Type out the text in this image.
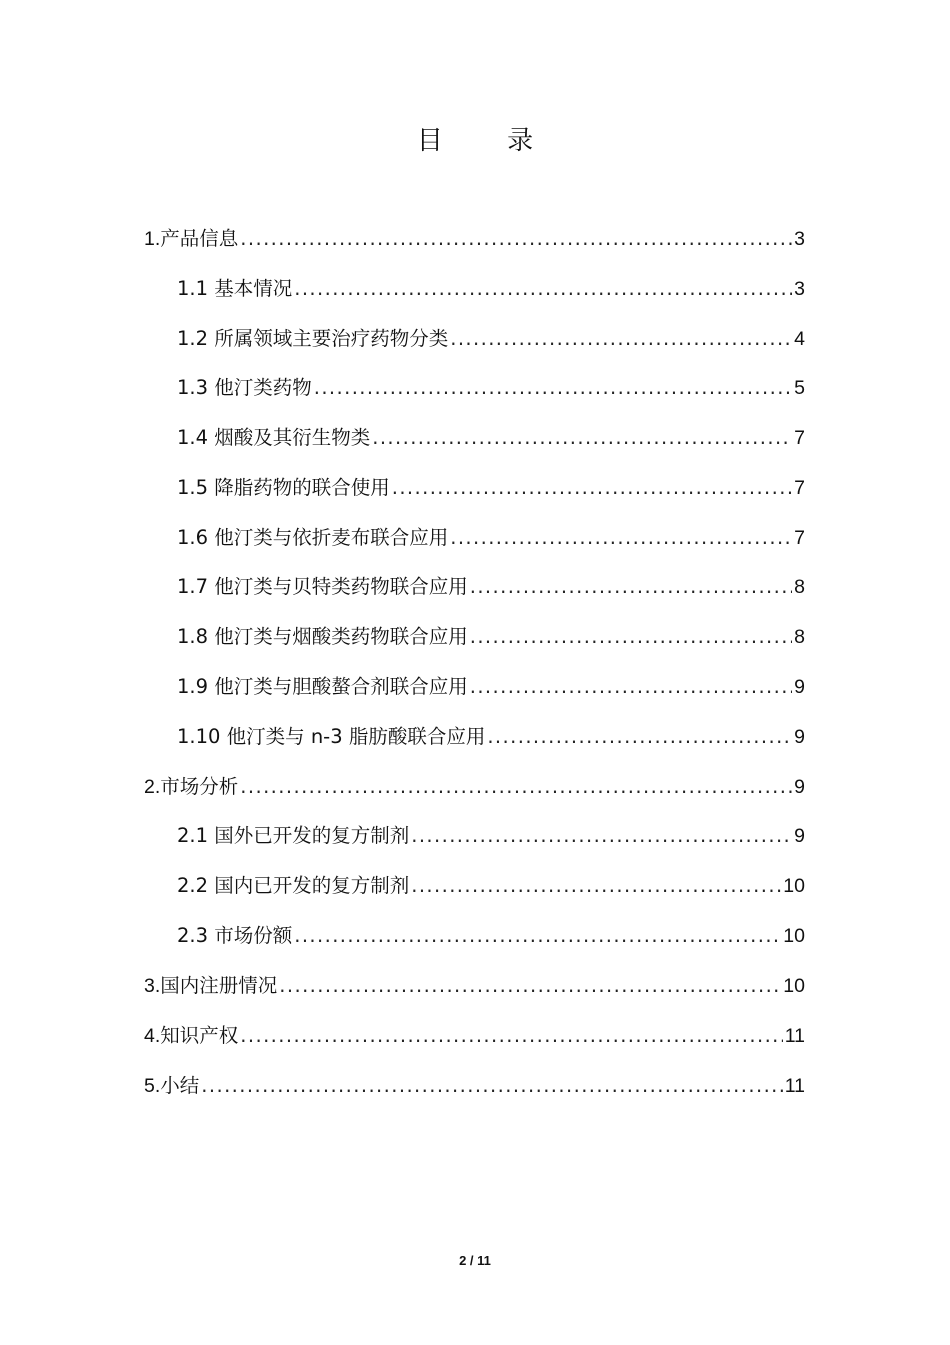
目 录
1. 产品信息 .....	3
1.1 基本情况 .....	3
1.2 所属领域主要治疗药物分类 .....	4
1.3 他汀类药物 .....	5
1.4 烟酸及其衍生物类 .....	7
1.5 降脂药物的联合使用 .....	7
1.6 他汀类与依折麦布联合应用 .....	7
1.7 他汀类与贝特类药物联合应用 .....	8
1.8 他汀类与烟酸类药物联合应用 .....	8
1.9 他汀类与胆酸螯合剂联合应用 .....	9
1.10 他汀类与 n-3 脂肪酸联合应用 .....	9
2. 市场分析 .....	9
2.1 国外已开发的复方制剂 .....	9
2.2 国内已开发的复方制剂 .....	10
2.3 市场份额 .....	10
3. 国内注册情况 .....	10
4. 知识产权 .....	11
5. 小结 .....	11
2 / 11
